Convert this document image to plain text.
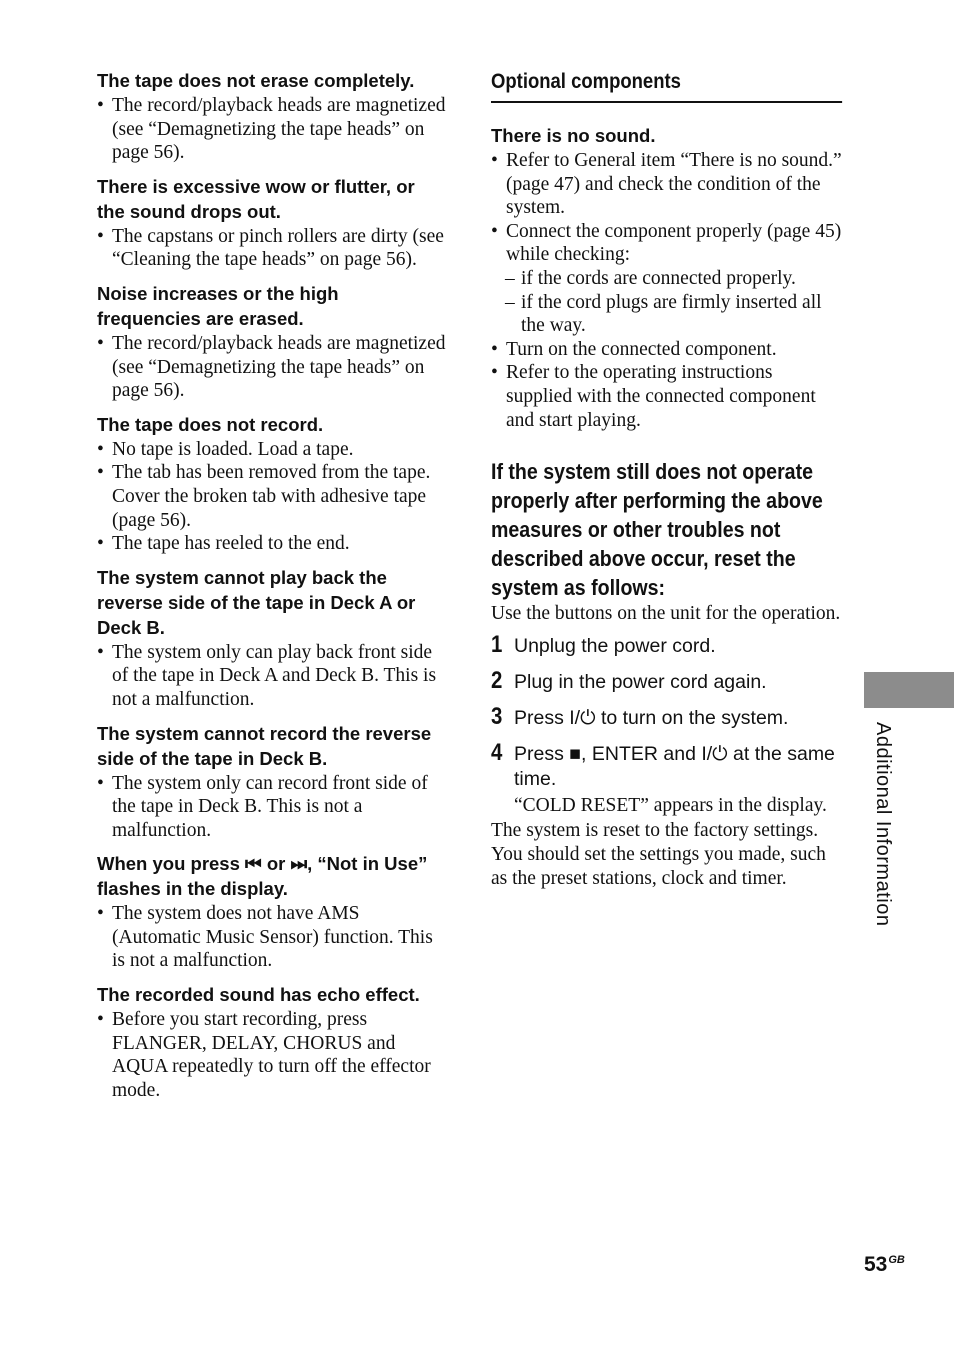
The tape does not erase completely.
• The record/playback heads are magnetized (see “Demagnetizing the tape heads” on page 56).
There is excessive wow or flutter, or the sound drops out.
• The capstans or pinch rollers are dirty (see “Cleaning the tape heads” on page 56).
Noise increases or the high frequencies are erased.
• The record/playback heads are magnetized (see “Demagnetizing the tape heads” on page 56).
The tape does not record.
• No tape is loaded. Load a tape.
• The tab has been removed from the tape. Cover the broken tab with adhesive tape (page 56).
• The tape has reeled to the end.
The system cannot play back the reverse side of the tape in Deck A or Deck B.
• The system only can play back front side of the tape in Deck A and Deck B. This is not a malfunction.
The system cannot record the reverse side of the tape in Deck B.
• The system only can record front side of the tape in Deck B. This is not a malfunction.
When you press ⏮ or ⏭, “Not in Use” flashes in the display.
• The system does not have AMS (Automatic Music Sensor) function. This is not a malfunction.
The recorded sound has echo effect.
• Before you start recording, press FLANGER, DELAY, CHORUS and AQUA repeatedly to turn off the effector mode.
Optional components
There is no sound.
• Refer to General item “There is no sound.” (page 47) and check the condition of the system.
• Connect the component properly (page 45) while checking:
– if the cords are connected properly.
– if the cord plugs are firmly inserted all the way.
• Turn on the connected component.
• Refer to the operating instructions supplied with the connected component and start playing.
If the system still does not operate properly after performing the above measures or other troubles not described above occur, reset the system as follows:

Use the buttons on the unit for the operation.

1 Unplug the power cord.
2 Plug in the power cord again.
3 Press I/⏻ to turn on the system.
4 Press ■, ENTER and I/⏻ at the same time.
“COLD RESET” appears in the display.

The system is reset to the factory settings. You should set the settings you made, such as the preset stations, clock and timer.	Additional Information
$53^{GB}$
